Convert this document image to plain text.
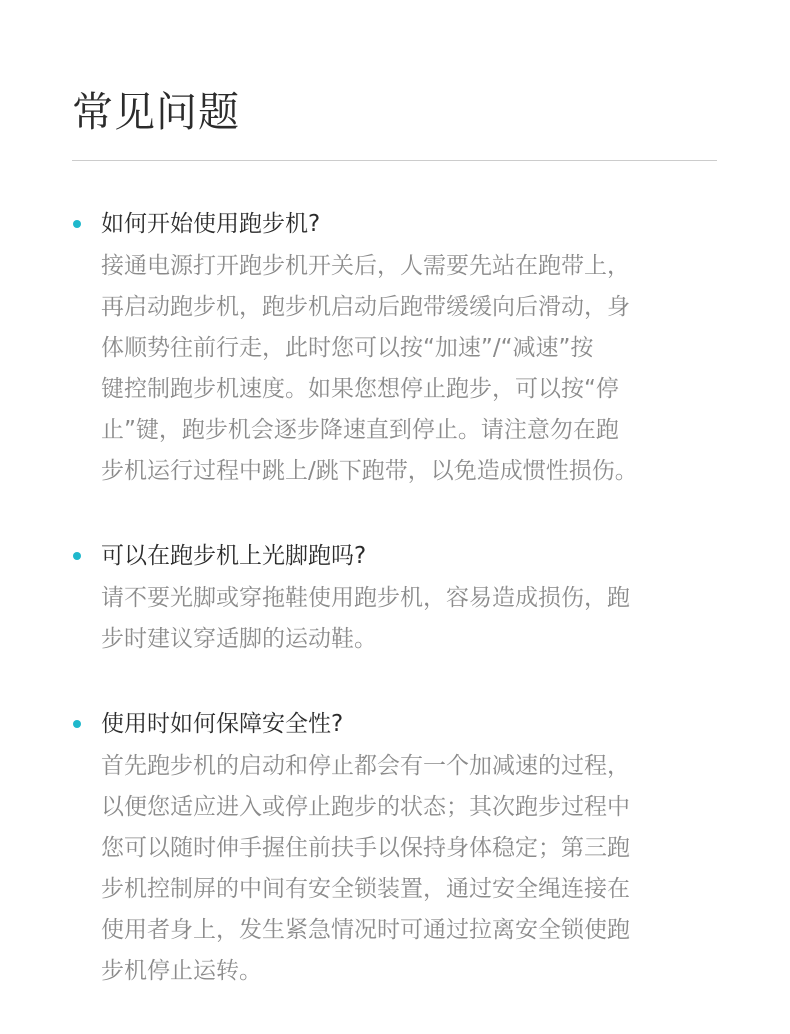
常见问题
如何开始使用跑步机?
接通电源打开跑步机开关后，人需要先站在跑带上，
再启动跑步机，跑步机启动后跑带缓缓向后滑动，身
体顺势往前行走，此时您可以按“加速”/“减速”按
键控制跑步机速度。如果您想停止跑步，可以按“停
止”键，跑步机会逐步降速直到停止。请注意勿在跑
步机运行过程中跳上/跳下跑带，以免造成惯性损伤。
可以在跑步机上光脚跑吗?
请不要光脚或穿拖鞋使用跑步机，容易造成损伤，跑
步时建议穿适脚的运动鞋。
使用时如何保障安全性?
首先跑步机的启动和停止都会有一个加减速的过程，
以便您适应进入或停止跑步的状态；其次跑步过程中
您可以随时伸手握住前扶手以保持身体稳定；第三跑
步机控制屏的中间有安全锁装置，通过安全绳连接在
使用者身上，发生紧急情况时可通过拉离安全锁使跑
步机停止运转。
